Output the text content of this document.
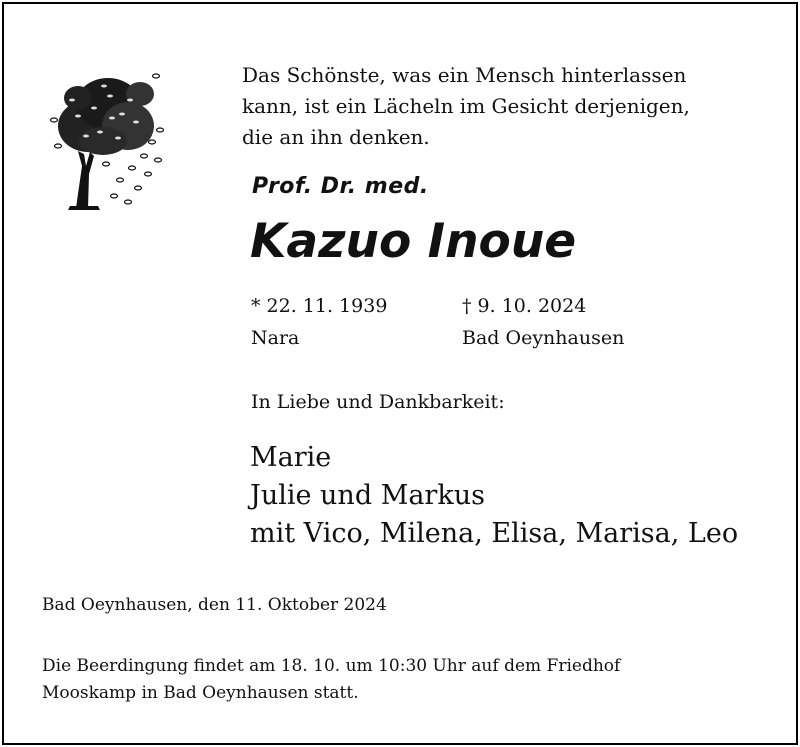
Das Schönste, was ein Mensch hinterlassen
kann, ist ein Lächeln im Gesicht derjenigen,
die an ihn denken.
Prof. Dr. med.
Kazuo Inoue
* 22. 11. 1939
Nara
† 9. 10. 2024
Bad Oeynhausen
In Liebe und Dankbarkeit:
Marie
Julie und Markus
mit Vico, Milena, Elisa, Marisa, Leo
Bad Oeynhausen, den 11. Oktober 2024
Die Beerdingung findet am 18. 10. um 10:30 Uhr auf dem Friedhof
Mooskamp in Bad Oeynhausen statt.
